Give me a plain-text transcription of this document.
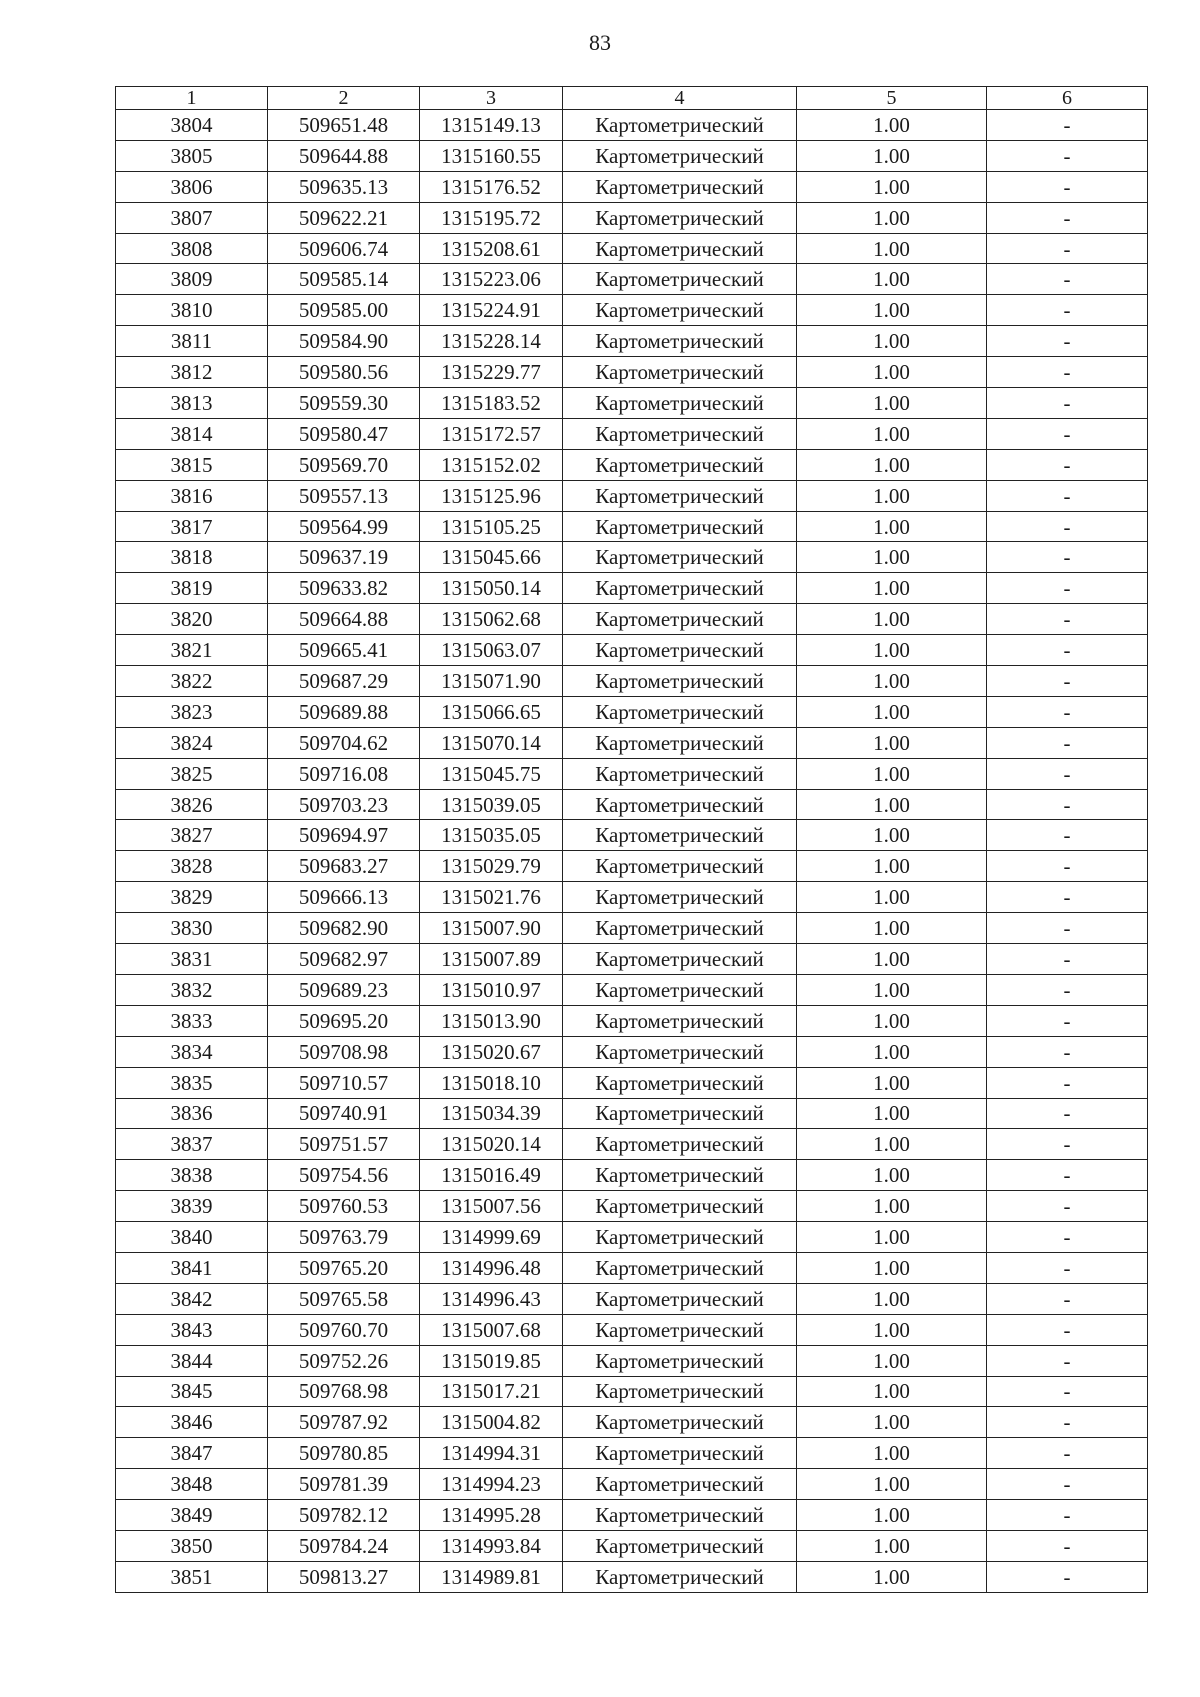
83
1	2	3	4	5	6
3804	509651.48	1315149.13	Картометрический	1.00	-
3805	509644.88	1315160.55	Картометрический	1.00	-
3806	509635.13	1315176.52	Картометрический	1.00	-
3807	509622.21	1315195.72	Картометрический	1.00	-
3808	509606.74	1315208.61	Картометрический	1.00	-
3809	509585.14	1315223.06	Картометрический	1.00	-
3810	509585.00	1315224.91	Картометрический	1.00	-
3811	509584.90	1315228.14	Картометрический	1.00	-
3812	509580.56	1315229.77	Картометрический	1.00	-
3813	509559.30	1315183.52	Картометрический	1.00	-
3814	509580.47	1315172.57	Картометрический	1.00	-
3815	509569.70	1315152.02	Картометрический	1.00	-
3816	509557.13	1315125.96	Картометрический	1.00	-
3817	509564.99	1315105.25	Картометрический	1.00	-
3818	509637.19	1315045.66	Картометрический	1.00	-
3819	509633.82	1315050.14	Картометрический	1.00	-
3820	509664.88	1315062.68	Картометрический	1.00	-
3821	509665.41	1315063.07	Картометрический	1.00	-
3822	509687.29	1315071.90	Картометрический	1.00	-
3823	509689.88	1315066.65	Картометрический	1.00	-
3824	509704.62	1315070.14	Картометрический	1.00	-
3825	509716.08	1315045.75	Картометрический	1.00	-
3826	509703.23	1315039.05	Картометрический	1.00	-
3827	509694.97	1315035.05	Картометрический	1.00	-
3828	509683.27	1315029.79	Картометрический	1.00	-
3829	509666.13	1315021.76	Картометрический	1.00	-
3830	509682.90	1315007.90	Картометрический	1.00	-
3831	509682.97	1315007.89	Картометрический	1.00	-
3832	509689.23	1315010.97	Картометрический	1.00	-
3833	509695.20	1315013.90	Картометрический	1.00	-
3834	509708.98	1315020.67	Картометрический	1.00	-
3835	509710.57	1315018.10	Картометрический	1.00	-
3836	509740.91	1315034.39	Картометрический	1.00	-
3837	509751.57	1315020.14	Картометрический	1.00	-
3838	509754.56	1315016.49	Картометрический	1.00	-
3839	509760.53	1315007.56	Картометрический	1.00	-
3840	509763.79	1314999.69	Картометрический	1.00	-
3841	509765.20	1314996.48	Картометрический	1.00	-
3842	509765.58	1314996.43	Картометрический	1.00	-
3843	509760.70	1315007.68	Картометрический	1.00	-
3844	509752.26	1315019.85	Картометрический	1.00	-
3845	509768.98	1315017.21	Картометрический	1.00	-
3846	509787.92	1315004.82	Картометрический	1.00	-
3847	509780.85	1314994.31	Картометрический	1.00	-
3848	509781.39	1314994.23	Картометрический	1.00	-
3849	509782.12	1314995.28	Картометрический	1.00	-
3850	509784.24	1314993.84	Картометрический	1.00	-
3851	509813.27	1314989.81	Картометрический	1.00	-
